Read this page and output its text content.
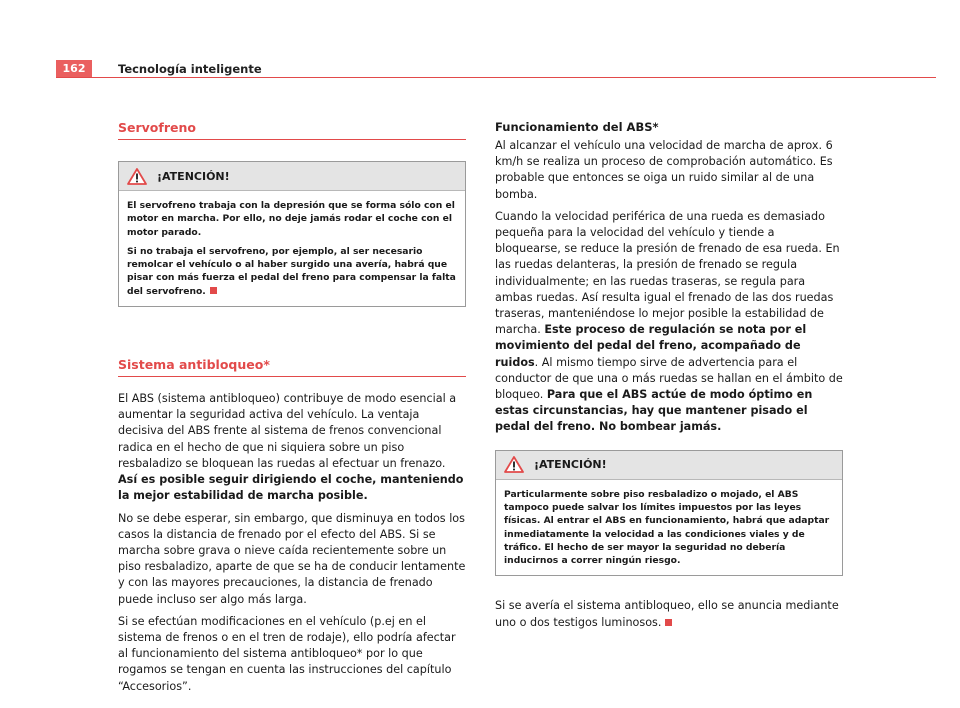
162	Tecnología inteligente
Servofreno
¡ATENCIÓN!

El servofreno trabaja con la depresión que se forma sólo con el motor en marcha. Por ello, no deje jamás rodar el coche con el motor parado.

Si no trabaja el servofreno, por ejemplo, al ser necesario remolcar el vehículo o al haber surgido una avería, habrá que pisar con más fuerza el pedal del freno para compensar la falta del servofreno.

Sistema antibloqueo*

El ABS (sistema antibloqueo) contribuye de modo esencial a aumentar la seguridad activa del vehículo. La ventaja decisiva del ABS frente al sistema de frenos convencional radica en el hecho de que ni siquiera sobre un piso resbaladizo se bloquean las ruedas al efectuar un frenazo. Así es posible seguir dirigiendo el coche, manteniendo la mejor estabilidad de marcha posible.

No se debe esperar, sin embargo, que disminuya en todos los casos la distancia de frenado por el efecto del ABS. Si se marcha sobre grava o nieve caída recientemente sobre un piso resbaladizo, aparte de que se ha de conducir lentamente y con las mayores precauciones, la distancia de frenado puede incluso ser algo más larga.

Si se efectúan modificaciones en el vehículo (p.ej en el sistema de frenos o en el tren de rodaje), ello podría afectar al funcionamiento del sistema antibloqueo* por lo que rogamos se tengan en cuenta las instrucciones del capítulo “Accesorios”.

Funcionamiento del ABS*

Al alcanzar el vehículo una velocidad de marcha de aprox. 6 km/h se realiza un proceso de comprobación automático. Es probable que entonces se oiga un ruido similar al de una bomba.

Cuando la velocidad periférica de una rueda es demasiado pequeña para la velocidad del vehículo y tiende a bloquearse, se reduce la presión de frenado de esa rueda. En las ruedas delanteras, la presión de frenado se regula individualmente; en las ruedas traseras, se regula para ambas ruedas. Así resulta igual el frenado de las dos ruedas traseras, manteniéndose lo mejor posible la estabilidad de marcha. Este proceso de regulación se nota por el movimiento del pedal del freno, acompañado de ruidos. Al mismo tiempo sirve de advertencia para el conductor de que una o más ruedas se hallan en el ámbito de bloqueo. Para que el ABS actúe de modo óptimo en estas circunstancias, hay que mantener pisado el pedal del freno. No bombear jamás.

¡ATENCIÓN!

Particularmente sobre piso resbaladizo o mojado, el ABS tampoco puede salvar los límites impuestos por las leyes físicas. Al entrar el ABS en funcionamiento, habrá que adaptar inmediatamente la velocidad a las condiciones viales y de tráfico. El hecho de ser mayor la seguridad no debería inducirnos a correr ningún riesgo.

Si se avería el sistema antibloqueo, ello se anuncia mediante uno o dos testigos luminosos.
